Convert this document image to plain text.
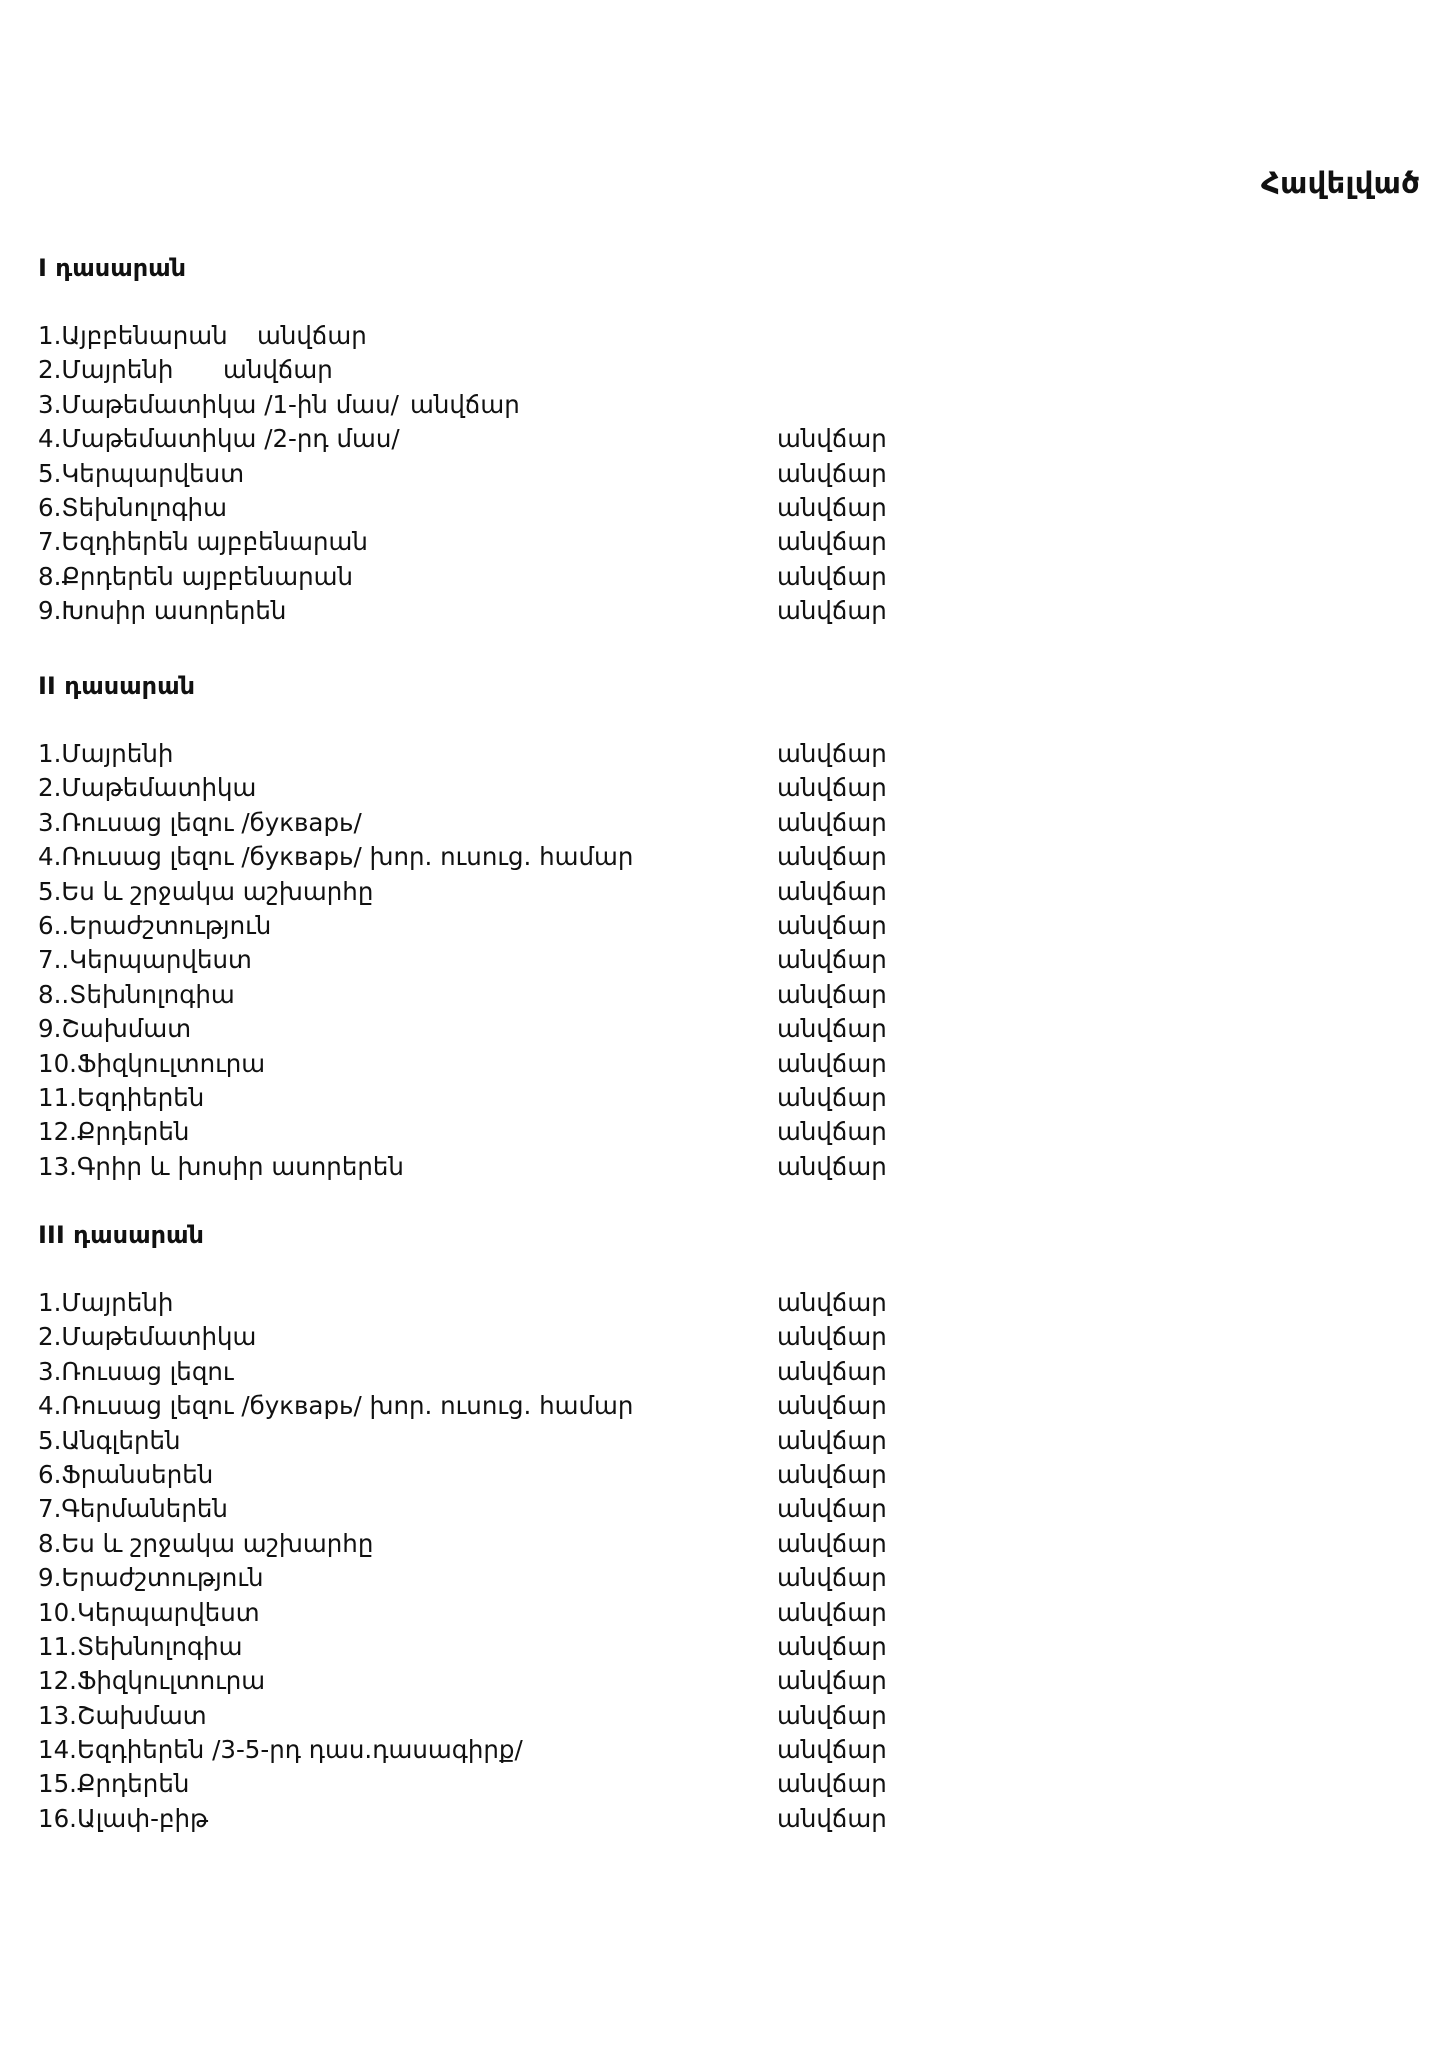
Հավելված
I դասարան
1.Այբբենարան անվճար
2.Մայրենի անվճար
3.Մաթեմատիկա /1-ին մաս/ անվճար
4.Մաթեմատիկա /2-րդ մաս/	անվճար
5.Կերպարվեստ	անվճար
6.Տեխնոլոգիա	անվճար
7.Եզդիերեն այբբենարան	անվճար
8.Քրդերեն այբբենարան	անվճար
9.Խոսիր ասորերեն	անվճար
II դասարան
1.Մայրենի	անվճար
2.Մաթեմատիկա	անվճար
3.Ռուսաց լեզու /букварь/	անվճար
4.Ռուսաց լեզու /букварь/ խոր. ուսուց. համար	անվճար
5.Ես և շրջակա աշխարհը	անվճար
6..Երաժշտություն	անվճար
7..Կերպարվեստ	անվճար
8..Տեխնոլոգիա	անվճար
9.Շախմատ	անվճար
10.Ֆիզկուլտուրա	անվճար
11.Եզդիերեն	անվճար
12.Քրդերեն	անվճար
13.Գրիր և խոսիր ասորերեն	անվճար
III դասարան
1.Մայրենի	անվճար
2.Մաթեմատիկա	անվճար
3.Ռուսաց լեզու	անվճար
4.Ռուսաց լեզու /букварь/ խոր. ուսուց. համար	անվճար
5.Անգլերեն	անվճար
6.Ֆրանսերեն	անվճար
7.Գերմաներեն	անվճար
8.Ես և շրջակա աշխարհը	անվճար
9.Երաժշտություն	անվճար
10.Կերպարվեստ	անվճար
11.Տեխնոլոգիա	անվճար
12.Ֆիզկուլտուրա	անվճար
13.Շախմատ	անվճար
14.Եզդիերեն /3-5-րդ դաս.դասագիրք/	անվճար
15.Քրդերեն	անվճար
16.Ալափ-բիթ	անվճար
